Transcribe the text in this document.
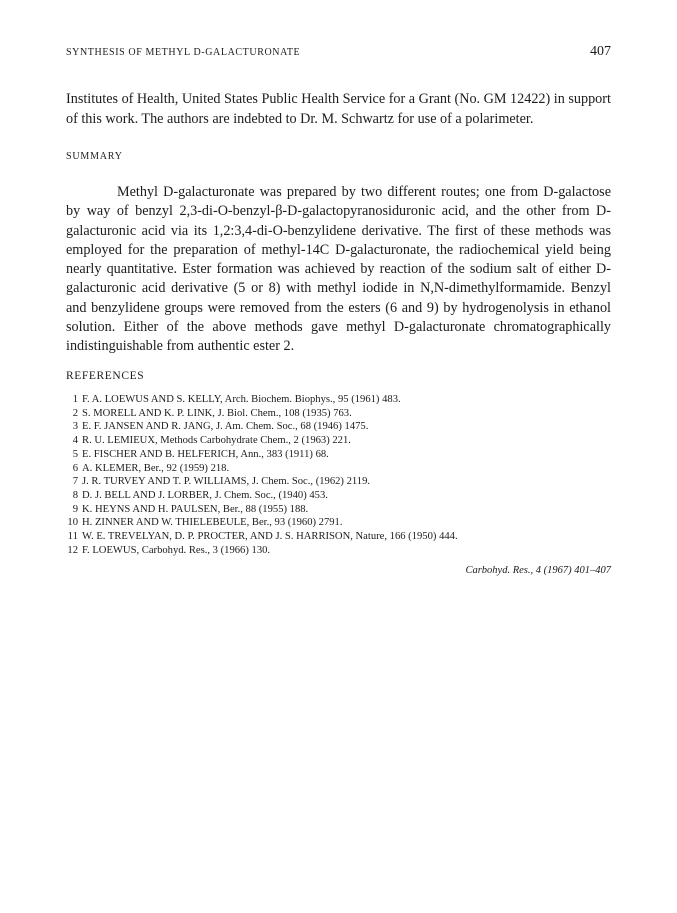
SYNTHESIS OF METHYL D-GALACTURONATE	407

Institutes of Health, United States Public Health Service for a Grant (No. GM 12422) in support of this work. The authors are indebted to Dr. M. Schwartz for use of a polarimeter.

SUMMARY
Methyl D-galacturonate was prepared by two different routes; one from D-galactose by way of benzyl 2,3-di-O-benzyl-β-D-galactopyranosiduronic acid, and the other from D-galacturonic acid via its 1,2:3,4-di-O-benzylidene derivative. The first of these methods was employed for the preparation of methyl-14C D-galacturonate, the radiochemical yield being nearly quantitative. Ester formation was achieved by reaction of the sodium salt of either D-galacturonic acid derivative (5 or 8) with methyl iodide in N,N-dimethylformamide. Benzyl and benzylidene groups were removed from the esters (6 and 9) by hydrogenolysis in ethanol solution. Either of the above methods gave methyl D-galacturonate chromatographically indistinguishable from authentic ester 2.
REFERENCES
1 F. A. LOEWUS AND S. KELLY, Arch. Biochem. Biophys., 95 (1961) 483.
2 S. MORELL AND K. P. LINK, J. Biol. Chem., 108 (1935) 763.
3 E. F. JANSEN AND R. JANG, J. Am. Chem. Soc., 68 (1946) 1475.
4 R. U. LEMIEUX, Methods Carbohydrate Chem., 2 (1963) 221.
5 E. FISCHER AND B. HELFERICH, Ann., 383 (1911) 68.
6 A. KLEMER, Ber., 92 (1959) 218.
7 J. R. TURVEY AND T. P. WILLIAMS, J. Chem. Soc., (1962) 2119.
8 D. J. BELL AND J. LORBER, J. Chem. Soc., (1940) 453.
9 K. HEYNS AND H. PAULSEN, Ber., 88 (1955) 188.
10 H. ZINNER AND W. THIELEBEULE, Ber., 93 (1960) 2791.
11 W. E. TREVELYAN, D. P. PROCTER, AND J. S. HARRISON, Nature, 166 (1950) 444.
12 F. LOEWUS, Carbohyd. Res., 3 (1966) 130.
Carbohyd. Res., 4 (1967) 401–407
